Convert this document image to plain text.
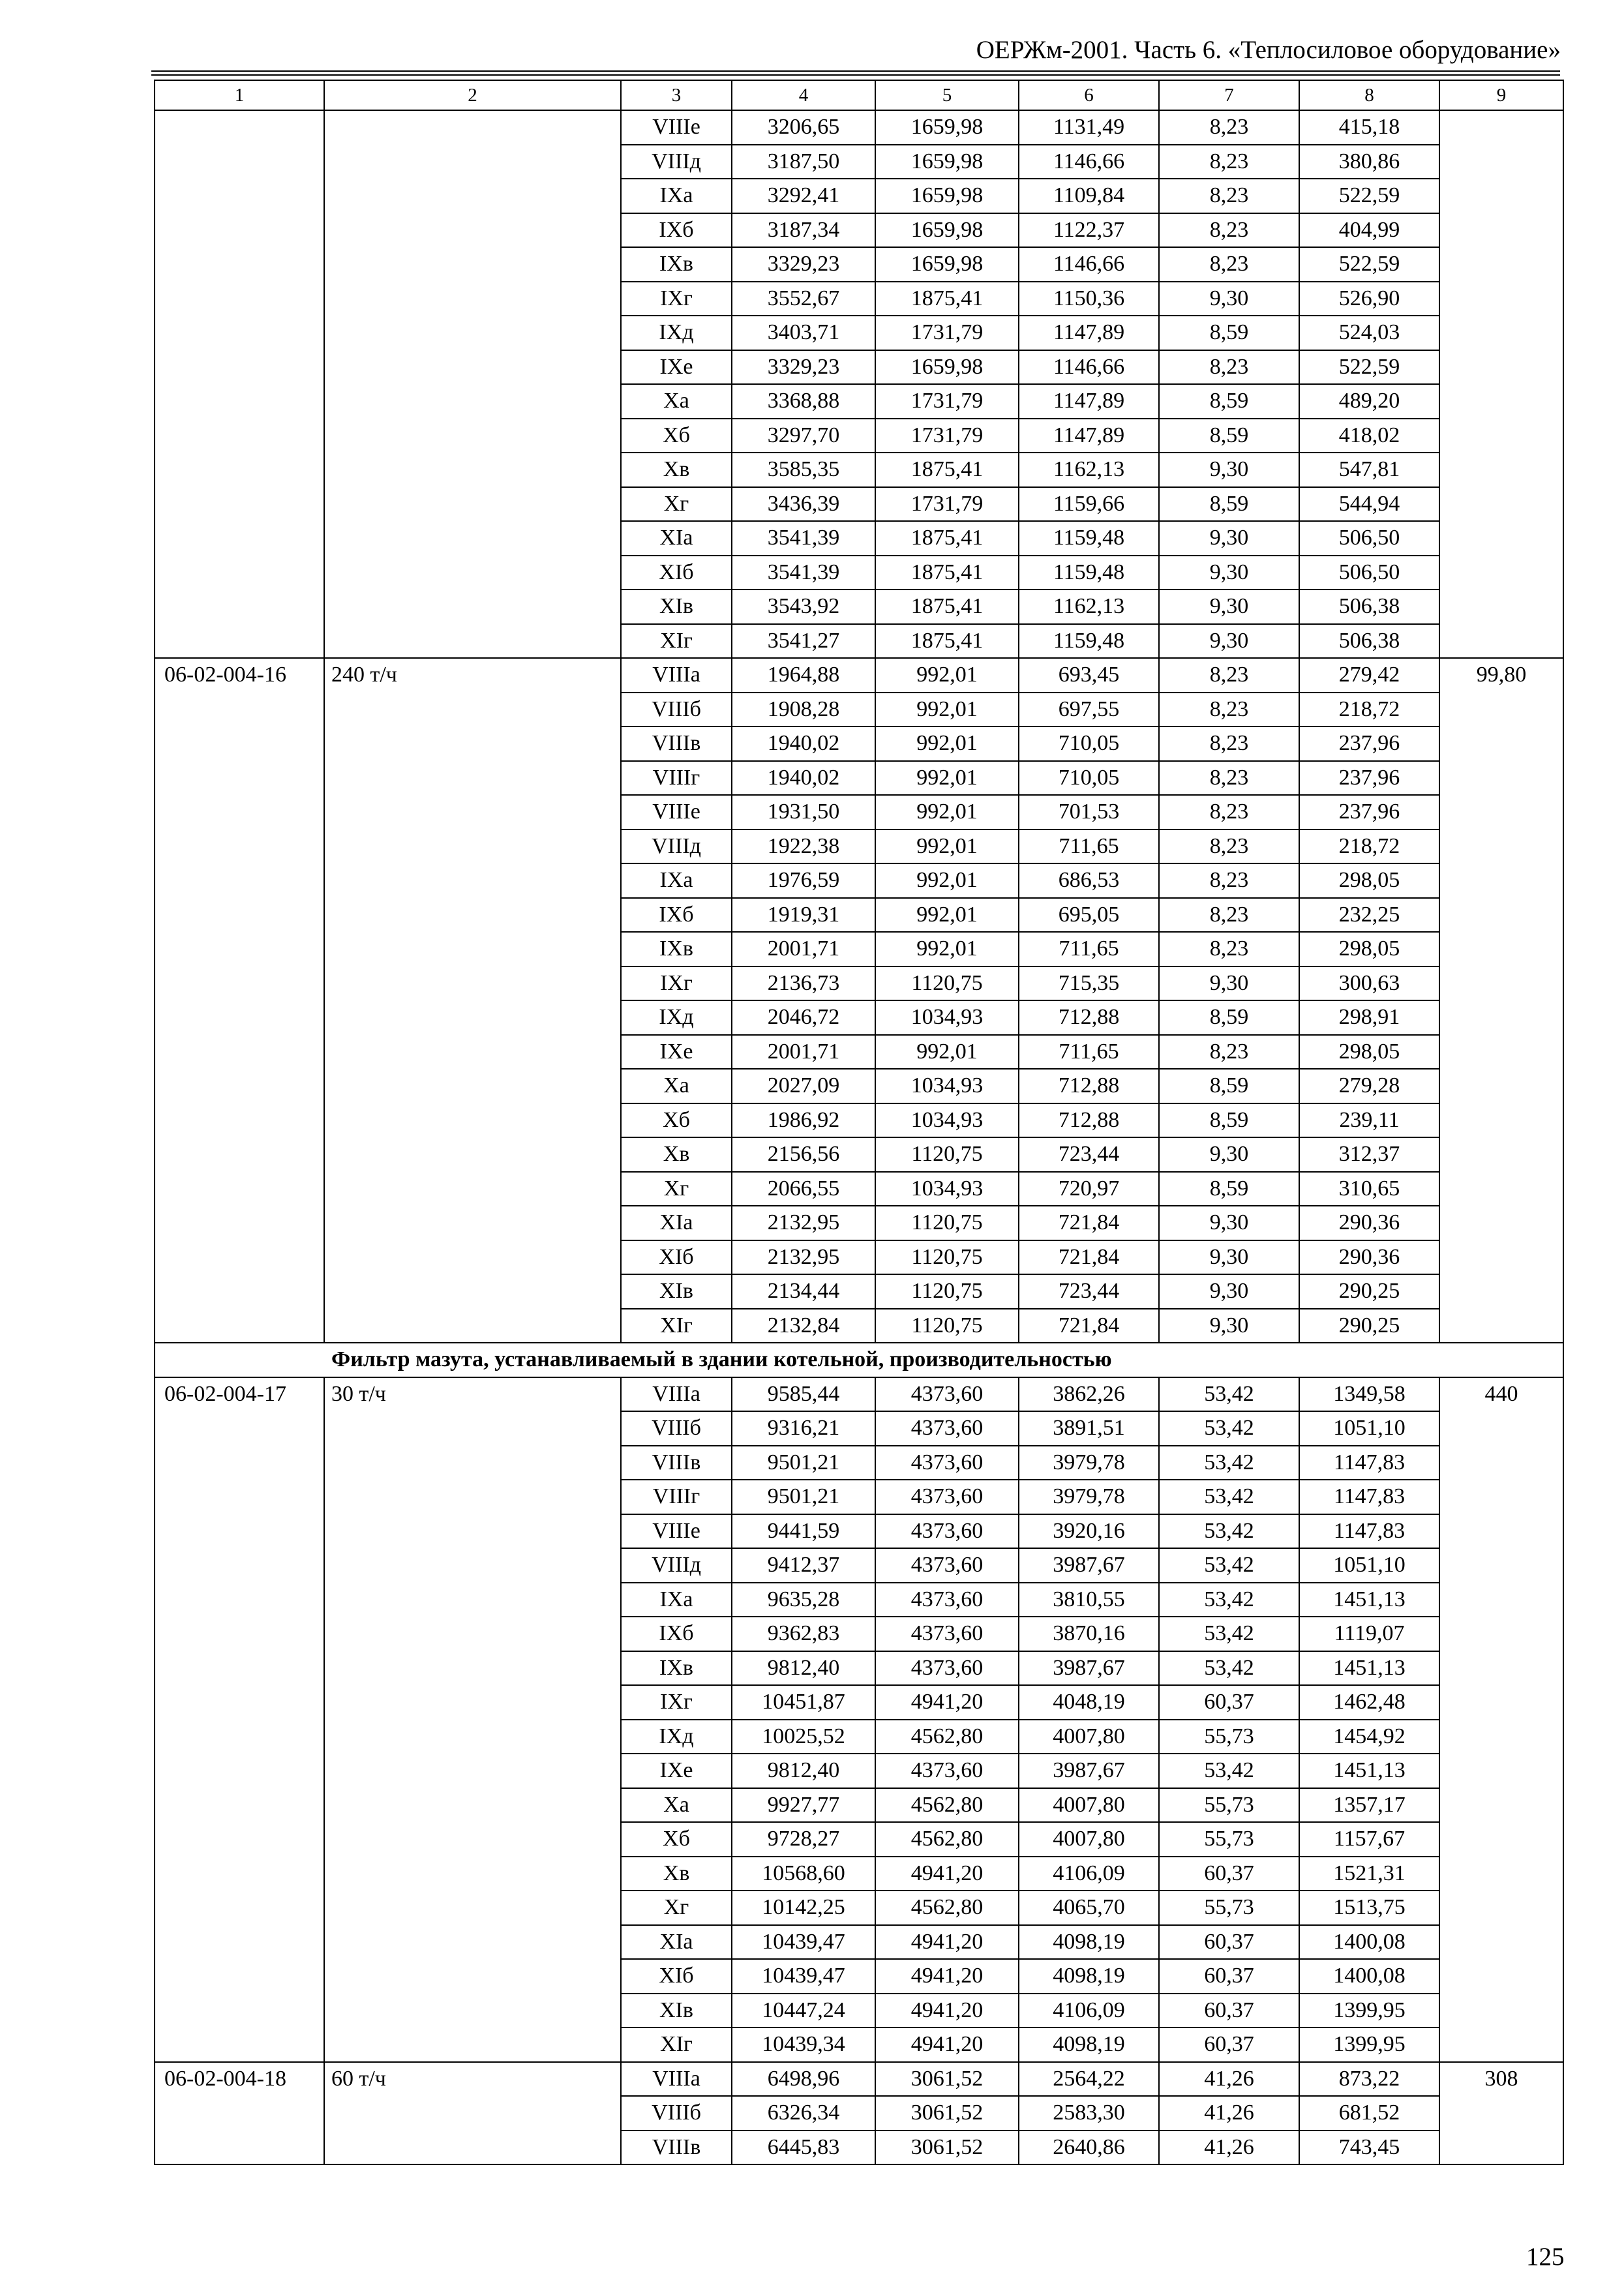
ОЕРЖм-2001. Часть 6. «Теплосиловое оборудование»
1	2	3	4	5	6	7	8	9
		VIIIе	3206,65	1659,98	1131,49	8,23	415,18	
		VIIIд	3187,50	1659,98	1146,66	8,23	380,86	
		IXа	3292,41	1659,98	1109,84	8,23	522,59	
		IXб	3187,34	1659,98	1122,37	8,23	404,99	
		IXв	3329,23	1659,98	1146,66	8,23	522,59	
		IXг	3552,67	1875,41	1150,36	9,30	526,90	
		IXд	3403,71	1731,79	1147,89	8,59	524,03	
		IXе	3329,23	1659,98	1146,66	8,23	522,59	
		Xа	3368,88	1731,79	1147,89	8,59	489,20	
		Xб	3297,70	1731,79	1147,89	8,59	418,02	
		Xв	3585,35	1875,41	1162,13	9,30	547,81	
		Xг	3436,39	1731,79	1159,66	8,59	544,94	
		XIа	3541,39	1875,41	1159,48	9,30	506,50	
		XIб	3541,39	1875,41	1159,48	9,30	506,50	
		XIв	3543,92	1875,41	1162,13	9,30	506,38	
		XIг	3541,27	1875,41	1159,48	9,30	506,38	
06-02-004-16	240 т/ч	VIIIа	1964,88	992,01	693,45	8,23	279,42	99,80
		VIIIб	1908,28	992,01	697,55	8,23	218,72	
		VIIIв	1940,02	992,01	710,05	8,23	237,96	
		VIIIг	1940,02	992,01	710,05	8,23	237,96	
		VIIIе	1931,50	992,01	701,53	8,23	237,96	
		VIIIд	1922,38	992,01	711,65	8,23	218,72	
		IXа	1976,59	992,01	686,53	8,23	298,05	
		IXб	1919,31	992,01	695,05	8,23	232,25	
		IXв	2001,71	992,01	711,65	8,23	298,05	
		IXг	2136,73	1120,75	715,35	9,30	300,63	
		IXд	2046,72	1034,93	712,88	8,59	298,91	
		IXе	2001,71	992,01	711,65	8,23	298,05	
		Xа	2027,09	1034,93	712,88	8,59	279,28	
		Xб	1986,92	1034,93	712,88	8,59	239,11	
		Xв	2156,56	1120,75	723,44	9,30	312,37	
		Xг	2066,55	1034,93	720,97	8,59	310,65	
		XIа	2132,95	1120,75	721,84	9,30	290,36	
		XIб	2132,95	1120,75	721,84	9,30	290,36	
		XIв	2134,44	1120,75	723,44	9,30	290,25	
		XIг	2132,84	1120,75	721,84	9,30	290,25	
Фильтр мазута, устанавливаемый в здании котельной, производительностью								
06-02-004-17	30 т/ч	VIIIа	9585,44	4373,60	3862,26	53,42	1349,58	440
		VIIIб	9316,21	4373,60	3891,51	53,42	1051,10	
		VIIIв	9501,21	4373,60	3979,78	53,42	1147,83	
		VIIIг	9501,21	4373,60	3979,78	53,42	1147,83	
		VIIIе	9441,59	4373,60	3920,16	53,42	1147,83	
		VIIIд	9412,37	4373,60	3987,67	53,42	1051,10	
		IXа	9635,28	4373,60	3810,55	53,42	1451,13	
		IXб	9362,83	4373,60	3870,16	53,42	1119,07	
		IXв	9812,40	4373,60	3987,67	53,42	1451,13	
		IXг	10451,87	4941,20	4048,19	60,37	1462,48	
		IXд	10025,52	4562,80	4007,80	55,73	1454,92	
		IXе	9812,40	4373,60	3987,67	53,42	1451,13	
		Xа	9927,77	4562,80	4007,80	55,73	1357,17	
		Xб	9728,27	4562,80	4007,80	55,73	1157,67	
		Xв	10568,60	4941,20	4106,09	60,37	1521,31	
		Xг	10142,25	4562,80	4065,70	55,73	1513,75	
		XIа	10439,47	4941,20	4098,19	60,37	1400,08	
		XIб	10439,47	4941,20	4098,19	60,37	1400,08	
		XIв	10447,24	4941,20	4106,09	60,37	1399,95	
		XIг	10439,34	4941,20	4098,19	60,37	1399,95	
06-02-004-18	60 т/ч	VIIIа	6498,96	3061,52	2564,22	41,26	873,22	308
		VIIIб	6326,34	3061,52	2583,30	41,26	681,52	
		VIIIв	6445,83	3061,52	2640,86	41,26	743,45	
125
